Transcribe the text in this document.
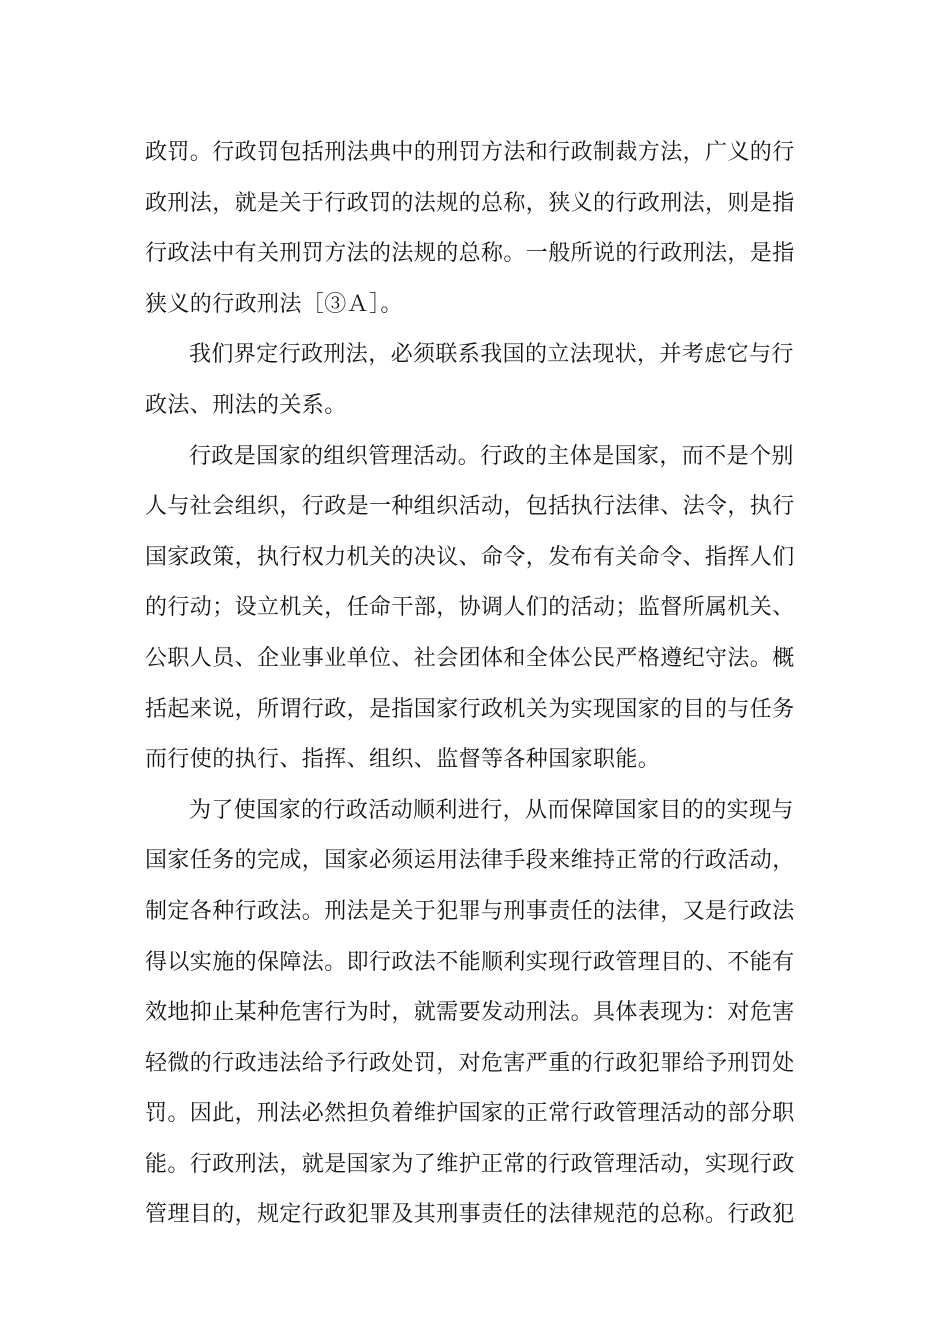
政罚。行政罚包括刑法典中的刑罚方法和行政制裁方法，广义的行
政刑法，就是关于行政罚的法规的总称，狭义的行政刑法，则是指
行政法中有关刑罚方法的法规的总称。一般所说的行政刑法，是指
狭义的行政刑法［③Ａ］。
我们界定行政刑法，必须联系我国的立法现状，并考虑它与行
政法、刑法的关系。
行政是国家的组织管理活动。行政的主体是国家，而不是个别
人与社会组织，行政是一种组织活动，包括执行法律、法令，执行
国家政策，执行权力机关的决议、命令，发布有关命令、指挥人们
的行动；设立机关，任命干部，协调人们的活动；监督所属机关、
公职人员、企业事业单位、社会团体和全体公民严格遵纪守法。概
括起来说，所谓行政，是指国家行政机关为实现国家的目的与任务
而行使的执行、指挥、组织、监督等各种国家职能。
为了使国家的行政活动顺利进行，从而保障国家目的的实现与
国家任务的完成，国家必须运用法律手段来维持正常的行政活动，
制定各种行政法。刑法是关于犯罪与刑事责任的法律，又是行政法
得以实施的保障法。即行政法不能顺利实现行政管理目的、不能有
效地抑止某种危害行为时，就需要发动刑法。具体表现为：对危害
轻微的行政违法给予行政处罚，对危害严重的行政犯罪给予刑罚处
罚。因此，刑法必然担负着维护国家的正常行政管理活动的部分职
能。行政刑法，就是国家为了维护正常的行政管理活动，实现行政
管理目的，规定行政犯罪及其刑事责任的法律规范的总称。行政犯
